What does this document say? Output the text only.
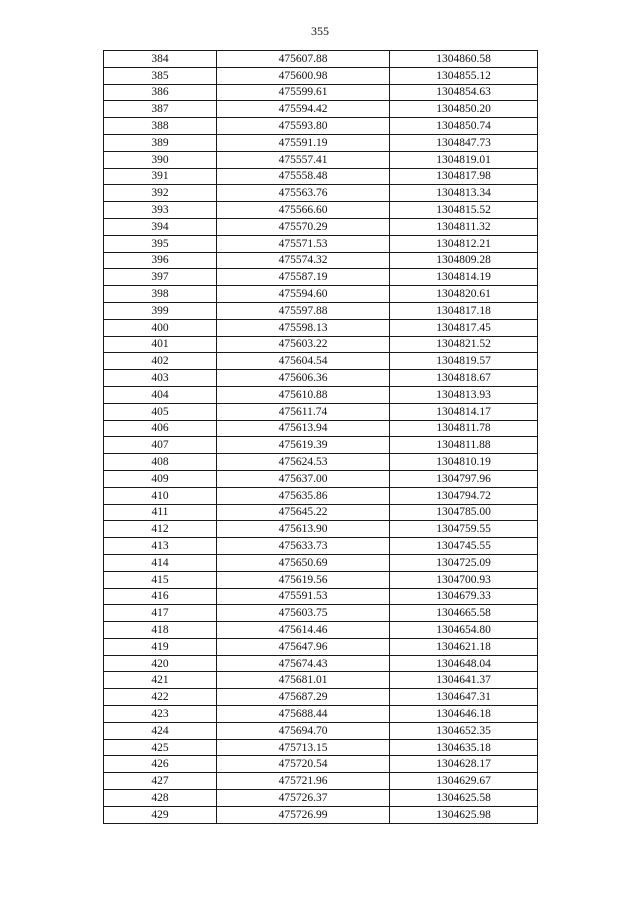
355
384	475607.88	1304860.58
385	475600.98	1304855.12
386	475599.61	1304854.63
387	475594.42	1304850.20
388	475593.80	1304850.74
389	475591.19	1304847.73
390	475557.41	1304819.01
391	475558.48	1304817.98
392	475563.76	1304813.34
393	475566.60	1304815.52
394	475570.29	1304811.32
395	475571.53	1304812.21
396	475574.32	1304809.28
397	475587.19	1304814.19
398	475594.60	1304820.61
399	475597.88	1304817.18
400	475598.13	1304817.45
401	475603.22	1304821.52
402	475604.54	1304819.57
403	475606.36	1304818.67
404	475610.88	1304813.93
405	475611.74	1304814.17
406	475613.94	1304811.78
407	475619.39	1304811.88
408	475624.53	1304810.19
409	475637.00	1304797.96
410	475635.86	1304794.72
411	475645.22	1304785.00
412	475613.90	1304759.55
413	475633.73	1304745.55
414	475650.69	1304725.09
415	475619.56	1304700.93
416	475591.53	1304679.33
417	475603.75	1304665.58
418	475614.46	1304654.80
419	475647.96	1304621.18
420	475674.43	1304648.04
421	475681.01	1304641.37
422	475687.29	1304647.31
423	475688.44	1304646.18
424	475694.70	1304652.35
425	475713.15	1304635.18
426	475720.54	1304628.17
427	475721.96	1304629.67
428	475726.37	1304625.58
429	475726.99	1304625.98
